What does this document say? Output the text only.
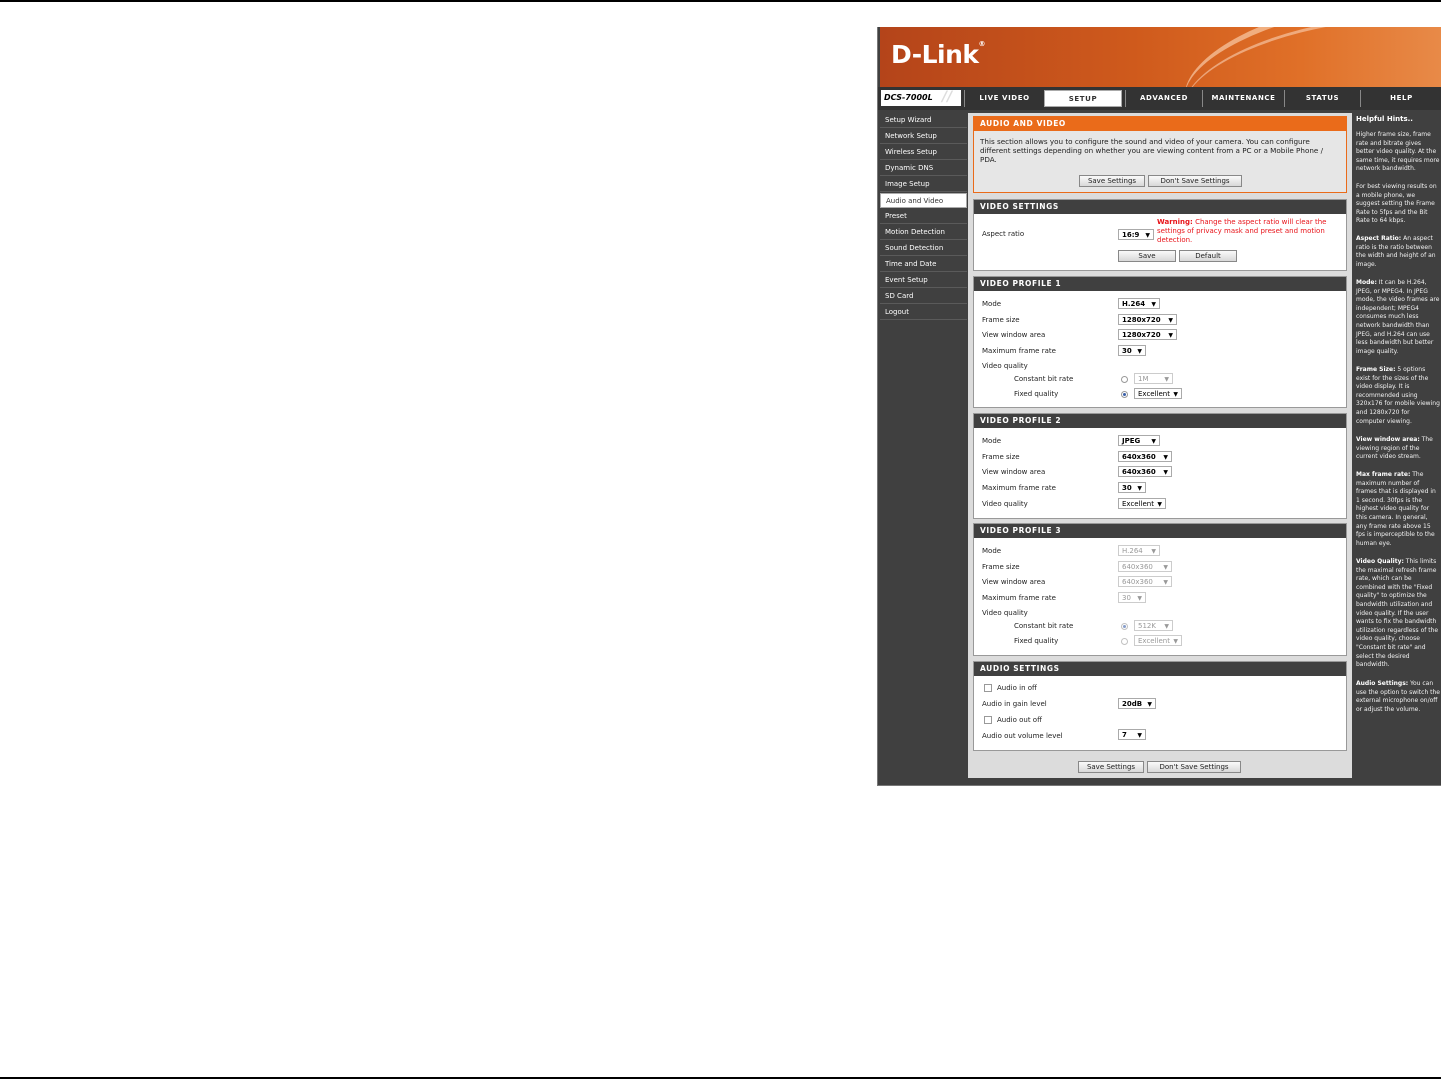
D-Link®
DCS-7000L //	LIVE VIDEO	SETUP	ADVANCED	MAINTENANCE	STATUS	HELP
Setup Wizard
Network Setup
Wireless Setup
Dynamic DNS
Image Setup
Audio and Video
Preset
Motion Detection
Sound Detection
Time and Date
Event Setup
SD Card
Logout
AUDIO AND VIDEO
This section allows you to configure the sound and video of your camera. You can configure different settings depending on whether you are viewing content from a PC or a Mobile Phone / PDA.
Save Settings	Don't Save Settings
VIDEO SETTINGS
Aspect ratio	16:9 ▼
Warning: Change the aspect ratio will clear the settings of privacy mask and preset and motion detection.
Save	Default
VIDEO PROFILE 1
Mode	H.264 ▼
Frame size	1280x720 ▼
View window area	1280x720 ▼
Maximum frame rate	30 ▼
Video quality
Constant bit rate	1M	▼
Fixed quality	Excellent ▼
VIDEO PROFILE 2
Mode	JPEG ▼
Frame size	640x360 ▼
View window area	640x360 ▼
Maximum frame rate	30 ▼
Video quality	Excellent ▼
VIDEO PROFILE 3
Mode	H.264 ▼
Frame size	640x360 ▼
View window area	640x360 ▼
Maximum frame rate	30 ▼
Video quality
Constant bit rate	512K ▼
Fixed quality	Excellent ▼
AUDIO SETTINGS
Audio in off
Audio in gain level	20dB ▼
Audio out off
Audio out volume level	7 ▼
Save Settings	Don't Save Settings
Helpful Hints..
Higher frame size, frame rate and bitrate gives better video quality. At the same time, it requires more network bandwidth.
For best viewing results on a mobile phone, we suggest setting the Frame Rate to 5fps and the Bit Rate to 64 kbps.
Aspect Ratio: An aspect ratio is the ratio between the width and height of an image.
Mode: It can be H.264, JPEG, or MPEG4. In JPEG mode, the video frames are independent; MPEG4 consumes much less network bandwidth than JPEG, and H.264 can use less bandwidth but better image quality.
Frame Size: 5 options exist for the sizes of the video display. It is recommended using 320x176 for mobile viewing and 1280x720 for computer viewing.
View window area: The viewing region of the current video stream.
Max frame rate: The maximum number of frames that is displayed in 1 second. 30fps is the highest video quality for this camera. In general, any frame rate above 15 fps is imperceptible to the human eye.
Video Quality: This limits the maximal refresh frame rate, which can be combined with the "Fixed quality" to optimize the bandwidth utilization and video quality. If the user wants to fix the bandwidth utilization regardless of the video quality, choose "Constant bit rate" and select the desired bandwidth.
Audio Settings: You can use the option to switch the external microphone on/off or adjust the volume.
